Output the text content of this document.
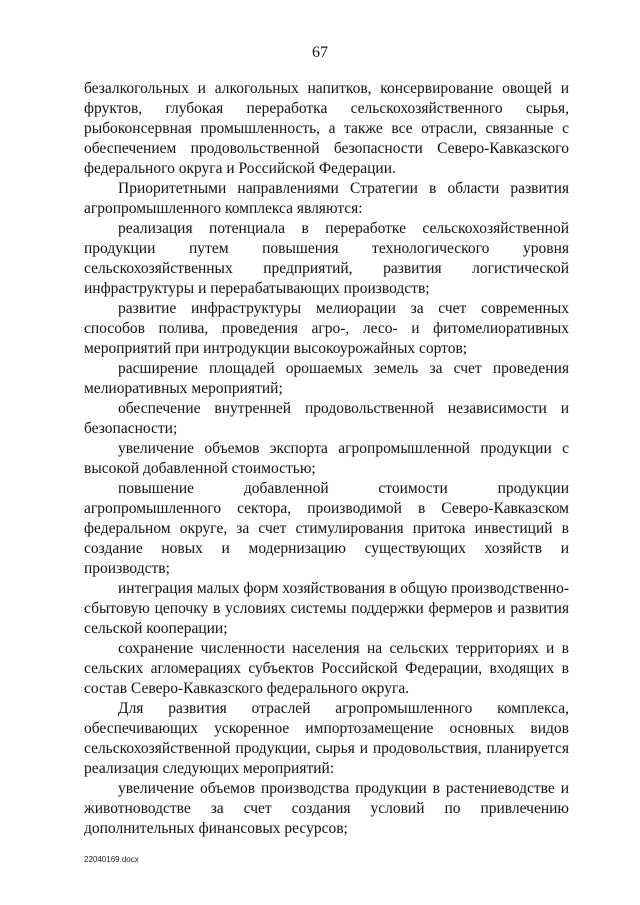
67

безалкогольных и алкогольных напитков, консервирование овощей и фруктов, глубокая переработка сельскохозяйственного сырья, рыбоконсервная промышленность, а также все отрасли, связанные с обеспечением продовольственной безопасности Северо-Кавказского федерального округа и Российской Федерации.

Приоритетными направлениями Стратегии в области развития агропромышленного комплекса являются:

реализация потенциала в переработке сельскохозяйственной продукции путем повышения технологического уровня сельскохозяйственных предприятий, развития логистической инфраструктуры и перерабатывающих производств;

развитие инфраструктуры мелиорации за счет современных способов полива, проведения агро-, лесо- и фитомелиоративных мероприятий при интродукции высокоурожайных сортов;

расширение площадей орошаемых земель за счет проведения мелиоративных мероприятий;

обеспечение внутренней продовольственной независимости и безопасности;

увеличение объемов экспорта агропромышленной продукции с высокой добавленной стоимостью;

повышение добавленной стоимости продукции агропромышленного сектора, производимой в Северо-Кавказском федеральном округе, за счет стимулирования притока инвестиций в создание новых и модернизацию существующих хозяйств и производств;

интеграция малых форм хозяйствования в общую производственно-сбытовую цепочку в условиях системы поддержки фермеров и развития сельской кооперации;

сохранение численности населения на сельских территориях и в сельских агломерациях субъектов Российской Федерации, входящих в состав Северо-Кавказского федерального округа.

Для развития отраслей агропромышленного комплекса, обеспечивающих ускоренное импортозамещение основных видов сельскохозяйственной продукции, сырья и продовольствия, планируется реализация следующих мероприятий:

увеличение объемов производства продукции в растениеводстве и животноводстве за счет создания условий по привлечению дополнительных финансовых ресурсов;

22040169.docx
